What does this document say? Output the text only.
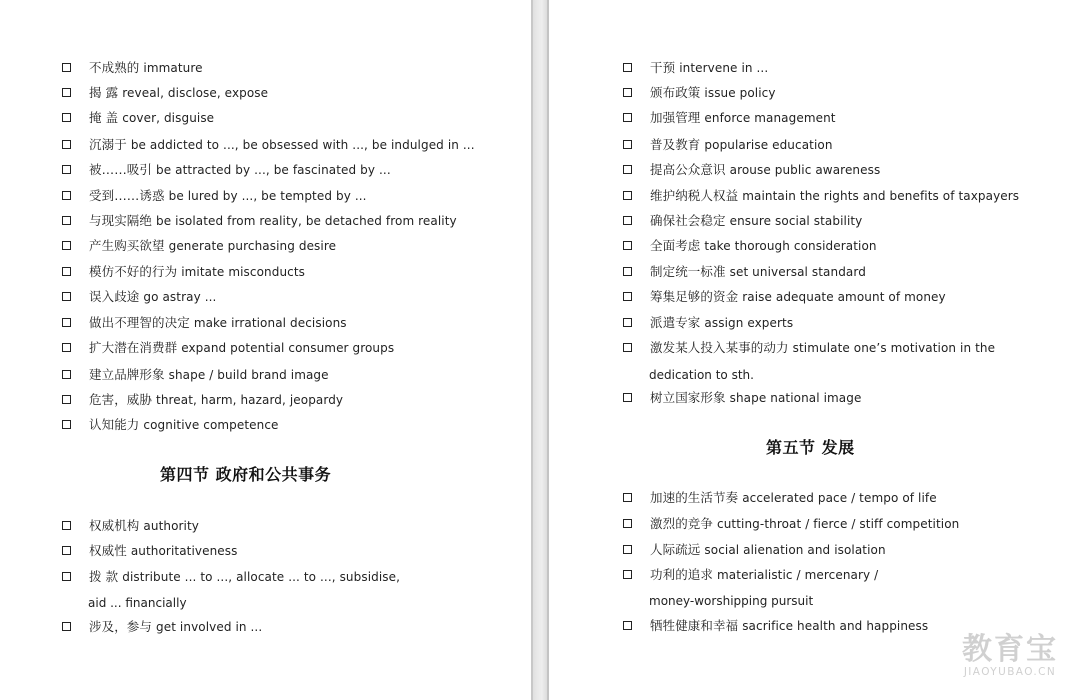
不成熟的 immature
揭 露 reveal, disclose, expose
掩 盖 cover, disguise
沉溺于 be addicted to ..., be obsessed with ..., be indulged in ...
被……吸引 be attracted by ..., be fascinated by ...
受到……诱惑 be lured by ..., be tempted by ...
与现实隔绝 be isolated from reality, be detached from reality
产生购买欲望 generate purchasing desire
模仿不好的行为 imitate misconducts
误入歧途 go astray ...
做出不理智的决定 make irrational decisions
扩大潜在消费群 expand potential consumer groups
建立品牌形象 shape / build brand image
危害，威胁 threat, harm, hazard, jeopardy
认知能力 cognitive competence
第四节 政府和公共事务
权威机构 authority
权威性 authoritativeness
拨 款 distribute ... to ..., allocate ... to ..., subsidise,
涉及，参与 get involved in ...
aid ... financially
干预 intervene in ...
颁布政策 issue policy
加强管理 enforce management
普及教育 popularise education
提高公众意识 arouse public awareness
维护纳税人权益 maintain the rights and benefits of taxpayers
确保社会稳定 ensure social stability
全面考虑 take thorough consideration
制定统一标准 set universal standard
筹集足够的资金 raise adequate amount of money
派遣专家 assign experts
激发某人投入某事的动力 stimulate one’s motivation in the
树立国家形象 shape national image
dedication to sth.
第五节 发展
加速的生活节奏 accelerated pace / tempo of life
激烈的竞争 cutting-throat / fierce / stiff competition
人际疏远 social alienation and isolation
功利的追求 materialistic / mercenary /
牺牲健康和幸福 sacrifice health and happiness
money-worshipping pursuit
教育宝
JIAOYUBAO.CN
